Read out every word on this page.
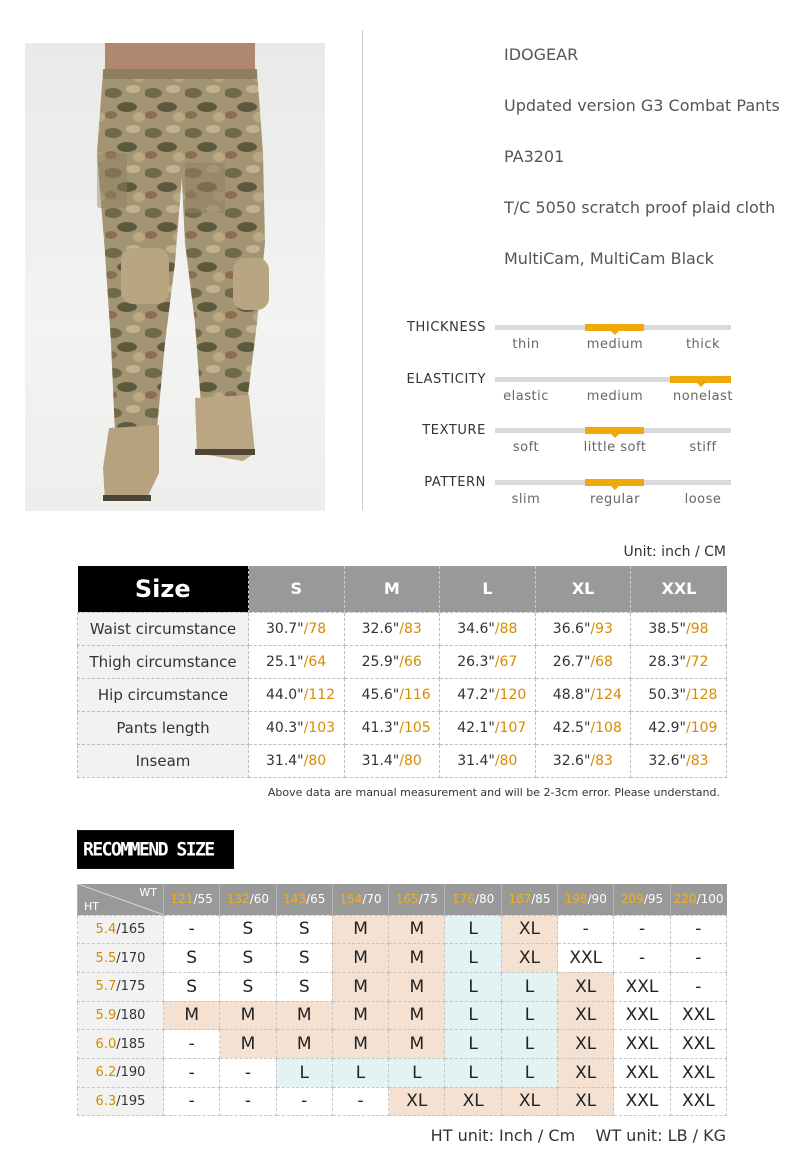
IDOGEAR
Updated version G3 Combat Pants
PA3201
T/C 5050 scratch proof plaid cloth
MultiCam, MultiCam Black
THICKNESS
thin	medium	thick
ELASTICITY
elastic	medium	nonelast
TEXTURE
soft	little soft	stiff
PATTERN
slim	regular	loose
Unit: inch / CM
Size	S	M	L	XL	XXL
Waist circumstance	30.7"/78	32.6"/83	34.6"/88	36.6"/93	38.5"/98
Thigh circumstance	25.1"/64	25.9"/66	26.3"/67	26.7"/68	28.3"/72
Hip circumstance	44.0"/112	45.6"/116	47.2"/120	48.8"/124	50.3"/128
Pants length	40.3"/103	41.3"/105	42.1"/107	42.5"/108	42.9"/109
Inseam	31.4"/80	31.4"/80	31.4"/80	32.6"/83	32.6"/83
Above data are manual measurement and will be 2-3cm error. Please understand.
RECOMMEND SIZE
WT
HT	121/55	132/60	143/65	154/70	165/75	176/80	187/85	198/90	209/95	220/100
5.4/165	-	S	S	M	M	L	XL	-	-	-
5.5/170	S	S	S	M	M	L	XL	XXL	-	-
5.7/175	S	S	S	M	M	L	L	XL	XXL	-
5.9/180	M	M	M	M	M	L	L	XL	XXL	XXL
6.0/185	-	M	M	M	M	L	L	XL	XXL	XXL
6.2/190	-	-	L	L	L	L	L	XL	XXL	XXL
6.3/195	-	-	-	-	XL	XL	XL	XL	XXL	XXL
HT unit: Inch / Cm    WT unit: LB / KG
